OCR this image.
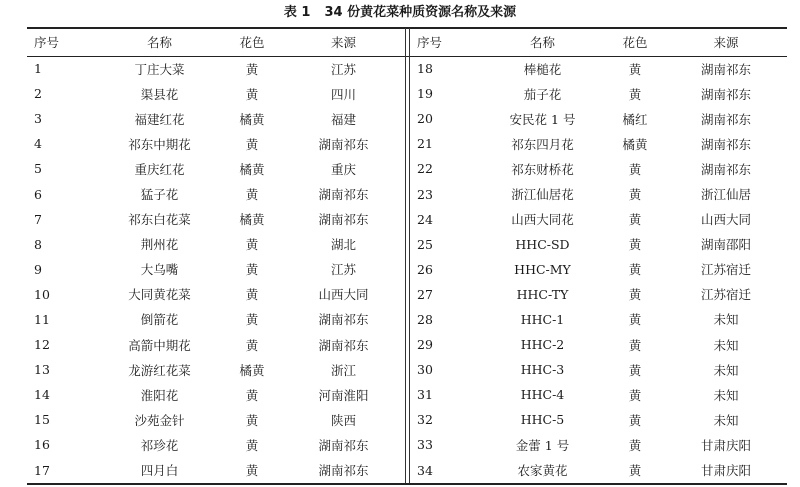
表 1 34 份黄花菜种质资源名称及来源
序号	名称	花色	来源
1	丁庄大菜	黄	江苏
2	渠县花	黄	四川
3	福建红花	橘黄	福建
4	祁东中期花	黄	湖南祁东
5	重庆红花	橘黄	重庆
6	猛子花	黄	湖南祁东
7	祁东白花菜	橘黄	湖南祁东
8	荆州花	黄	湖北
9	大乌嘴	黄	江苏
10	大同黄花菜	黄	山西大同
11	倒箭花	黄	湖南祁东
12	高箭中期花	黄	湖南祁东
13	龙游红花菜	橘黄	浙江
14	淮阳花	黄	河南淮阳
15	沙苑金针	黄	陕西
16	祁珍花	黄	湖南祁东
17	四月白	黄	湖南祁东
序号	名称	花色	来源
18	棒槌花	黄	湖南祁东
19	茄子花	黄	湖南祁东
20	安民花 1 号	橘红	湖南祁东
21	祁东四月花	橘黄	湖南祁东
22	祁东财桥花	黄	湖南祁东
23	浙江仙居花	黄	浙江仙居
24	山西大同花	黄	山西大同
25	HHC-SD	黄	湖南邵阳
26	HHC-MY	黄	江苏宿迁
27	HHC-TY	黄	江苏宿迁
28	HHC-1	黄	未知
29	HHC-2	黄	未知
30	HHC-3	黄	未知
31	HHC-4	黄	未知
32	HHC-5	黄	未知
33	金蕾 1 号	黄	甘肃庆阳
34	农家黄花	黄	甘肃庆阳
